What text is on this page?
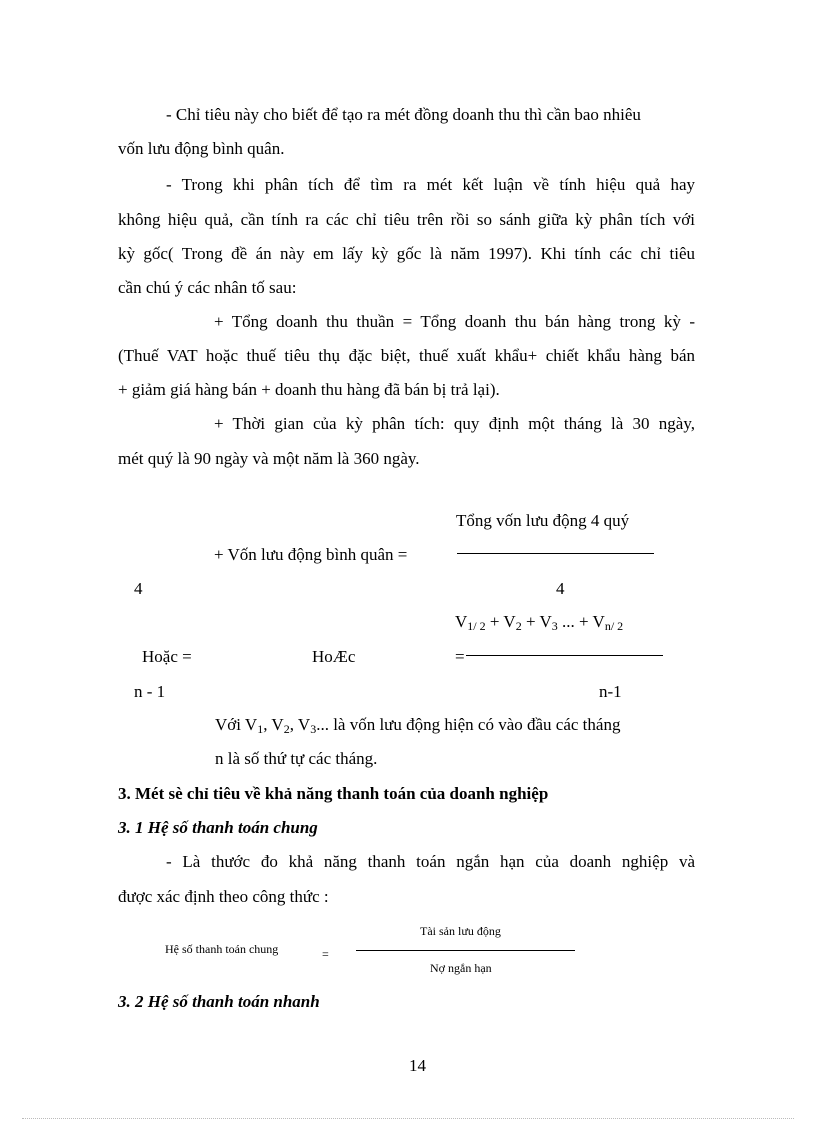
- Chỉ tiêu này cho biết để tạo ra mét đồng doanh thu thì cần bao nhiêu
vốn lưu động bình quân.
- Trong khi phân tích để tìm ra mét kết luận về tính hiệu quả hay
không hiệu quả, cần tính ra các chỉ tiêu trên rồi so sánh giữa kỳ phân tích với
kỳ gốc( Trong đề án này em lấy kỳ gốc là năm 1997). Khi tính các chỉ tiêu
cần chú ý các nhân tố sau:
+ Tổng doanh thu thuần = Tổng doanh thu bán hàng trong kỳ -
(Thuế VAT hoặc thuế tiêu thụ đặc biệt, thuế xuất khẩu+ chiết khẩu hàng bán
+ giảm giá hàng bán + doanh thu hàng đã bán bị trả lại).
+ Thời gian của kỳ phân tích: quy định một tháng là 30 ngày,
mét quý là 90 ngày và một năm là 360 ngày.
Tổng vốn lưu động 4 quý
+ Vốn lưu động bình quân =
4	4
$V_{1/ 2} + V_2 + V_3$ ... + $V_{n/ 2}$
Hoặc =	HoÆc	=
n - 1	n-1
Với $V_1$, $V_2$, $V_3$... là vốn lưu động hiện có vào đầu các tháng
n là số thứ tự các tháng.
3. Mét sè chỉ tiêu về khả năng thanh toán của doanh nghiệp
3. 1 Hệ số thanh toán chung
- Là thước đo khả năng thanh toán ngắn hạn của doanh nghiệp và
được xác định theo công thức :
Tài sản lưu động
Hệ số thanh toán chung	=
Nợ ngắn hạn
3. 2 Hệ số thanh toán nhanh
14
